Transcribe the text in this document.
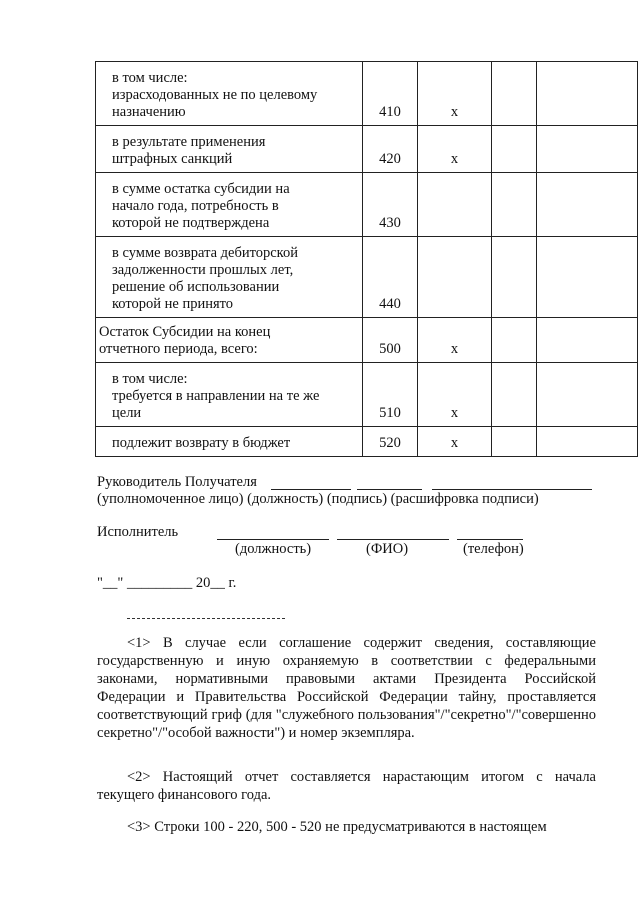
в том числе:
израсходованных не по целевому
назначению	410	х		
в результате применения
штрафных санкций	420	х		
в сумме остатка субсидии на
начало года, потребность в
которой не подтверждена	430			
в сумме возврата дебиторской
задолженности прошлых лет,
решение об использовании
которой не принято	440			
Остаток Субсидии на конец
отчетного периода, всего:	500	х		
в том числе:
требуется в направлении на те же
цели	510	х		
подлежит возврату в бюджет	520	х		
Руководитель Получателя
(уполномоченное лицо) (должность) (подпись) (расшифровка подписи)
Исполнитель
(должность)	(ФИО)	(телефон)
"__" _________ 20__ г.

<1> В случае если соглашение содержит сведения, составляющие государственную и иную охраняемую в соответствии с федеральными законами, нормативными правовыми актами Президента Российской Федерации и Правительства Российской Федерации тайну, проставляется соответствующий гриф (для "служебного пользования"/"секретно"/"совершенно секретно"/"особой важности") и номер экземпляра.

<2> Настоящий отчет составляется нарастающим итогом с начала текущего финансового года.

<3> Строки 100 - 220, 500 - 520 не предусматриваются в настоящем
